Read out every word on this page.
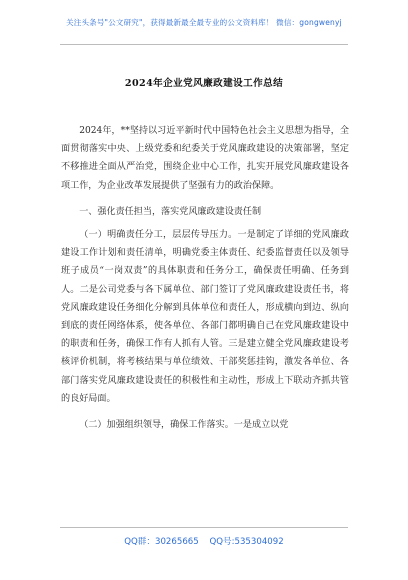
关注头条号"公文研究"，获得最新最全最专业的公文资料库！ 微信：gongwenyj
2024年企业党风廉政建设工作总结

2024年，**坚持以习近平新时代中国特色社会主义思想为指导，全面贯彻落实中央、上级党委和纪委关于党风廉政建设的决策部署，坚定不移推进全面从严治党，围绕企业中心工作，扎实开展党风廉政建设各项工作，为企业改革发展提供了坚强有力的政治保障。

一、强化责任担当，落实党风廉政建设责任制

（一）明确责任分工，层层传导压力。一是制定了详细的党风廉政建设工作计划和责任清单，明确党委主体责任、纪委监督责任以及领导班子成员“一岗双责”的具体职责和任务分工，确保责任明确、任务到人。二是公司党委与各下属单位、部门签订了党风廉政建设责任书，将党风廉政建设任务细化分解到具体单位和责任人，形成横向到边、纵向到底的责任网络体系，使各单位、各部门都明确自己在党风廉政建设中的职责和任务，确保工作有人抓有人管。三是建立健全党风廉政建设考核评价机制，将考核结果与单位绩效、干部奖惩挂钩，激发各单位、各部门落实党风廉政建设责任的积极性和主动性，形成上下联动齐抓共管的良好局面。

（二）加强组织领导，确保工作落实。一是成立以党

QQ群：30265665 QQ号:535304092
